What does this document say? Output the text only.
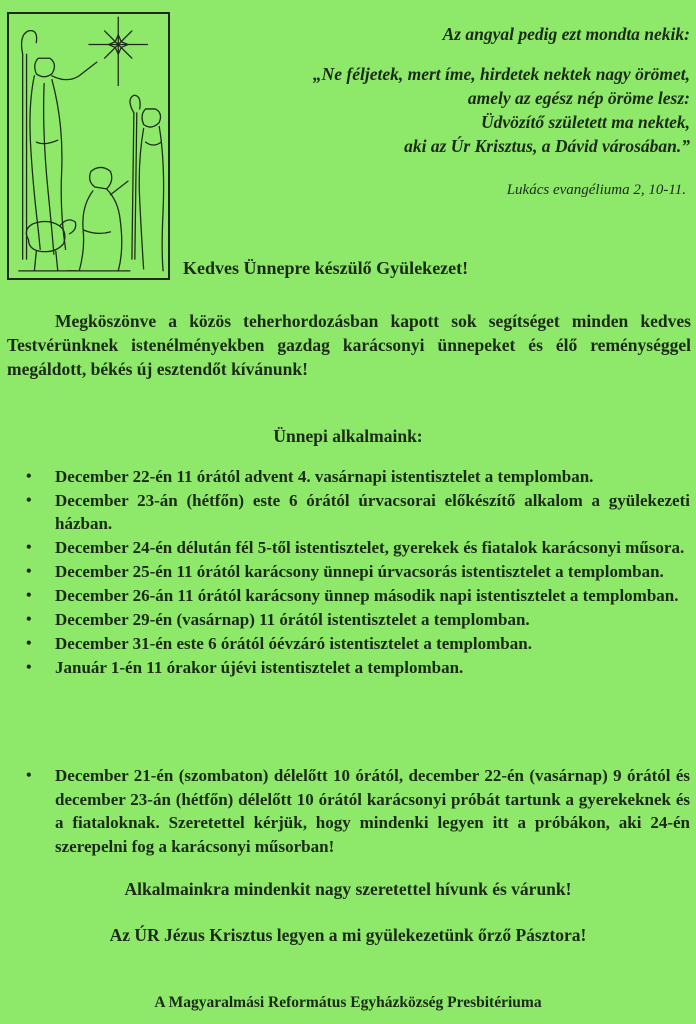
Az angyal pedig ezt mondta nekik:
„Ne féljetek, mert íme, hirdetek nektek nagy örömet,
amely az egész nép öröme lesz:
Üdvözítő született ma nektek,
aki az Úr Krisztus, a Dávid városában.”
Lukács evangéliuma 2, 10-11.
Kedves Ünnepre készülő Gyülekezet!
Megköszönve a közös teherhordozásban kapott sok segítséget minden kedves Testvérünknek istenélményekben gazdag karácsonyi ünnepeket és élő reménységgel megáldott, békés új esztendőt kívánunk!
Ünnepi alkalmaink:
• December 22-én 11 órától advent 4. vasárnapi istentisztelet a templomban.
• December 23-án (hétfőn) este 6 órától úrvacsorai előkészítő alkalom a gyülekezeti házban.
• December 24-én délután fél 5-től istentisztelet, gyerekek és fiatalok karácsonyi műsora.
• December 25-én 11 órától karácsony ünnepi úrvacsorás istentisztelet a templomban.
• December 26-án 11 órától karácsony ünnep második napi istentisztelet a templomban.
• December 29-én (vasárnap) 11 órától istentisztelet a templomban.
• December 31-én este 6 órától óévzáró istentisztelet a templomban.
• Január 1-én 11 órakor újévi istentisztelet a templomban.
• December 21-én (szombaton) délelőtt 10 órától, december 22-én (vasárnap) 9 órától és december 23-án (hétfőn) délelőtt 10 órától karácsonyi próbát tartunk a gyerekeknek és a fiataloknak. Szeretettel kérjük, hogy mindenki legyen itt a próbákon, aki 24-én szerepelni fog a karácsonyi műsorban!
Alkalmainkra mindenkit nagy szeretettel hívunk és várunk!
Az ÚR Jézus Krisztus legyen a mi gyülekezetünk őrző Pásztora!
A Magyaralmási Református Egyházközség Presbitériuma
